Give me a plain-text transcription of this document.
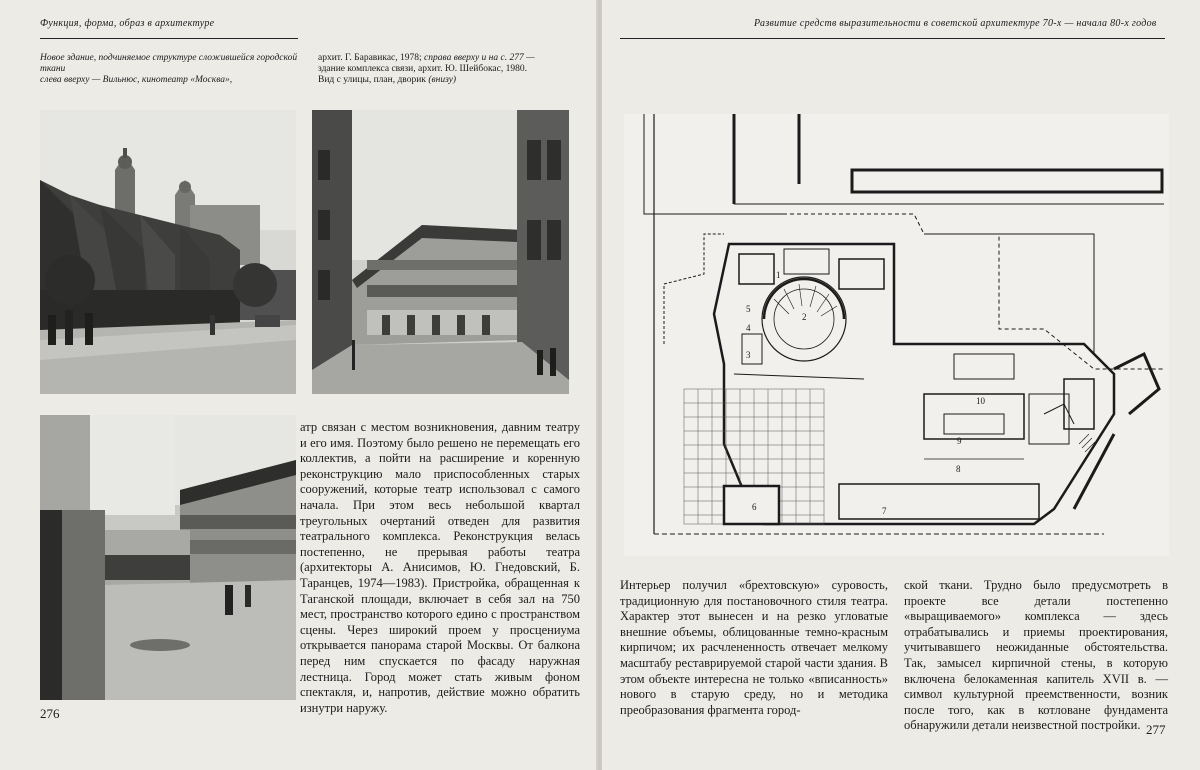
Функция, форма, образ в архитектуре
Новое здание, подчиняемое структуре сложившейся городской ткани
слева вверху — Вильнюс, кинотеатр «Москва»,
архит. Г. Баравикас, 1978; справа вверху и на с. 277 —
здание комплекса связи, архит. Ю. Шейбокас, 1980.
Вид с улицы, план, дворик (внизу)
атр связан с местом возникновения, давним театру и его имя. Поэтому было решено не перемещать его коллектив, а пойти на расширение и коренную реконструкцию мало приспособленных старых сооружений, которые театр использовал с самого начала. При этом весь небольшой квартал треугольных очертаний отведен для развития театрального комплекса. Реконструкция велась постепенно, не прерывая работы театра (архитекторы А. Анисимов, Ю. Гнедовский, Б. Таранцев, 1974—1983). Пристройка, обращенная к Таганской площади, включает в себя зал на 750 мест, пространство которого едино с пространством сцены. Через широкий проем у просцениума открывается панорама старой Москвы. От балкона перед ним спускается по фасаду наружная лестница. Город может стать живым фоном спектакля, и, напротив, действие можно обратить изнутри наружу.
276
Развитие средств выразительности в советской архитектуре 70-х — начала 80-х годов
1
2
3
4
5
6	7
8
9
10
Интерьер получил «брехтовскую» суровость, традиционную для постановочного стиля театра. Характер этот вынесен и на резко угловатые внешние объемы, облицованные темно-красным кирпичом; их расчлененность отвечает мелкому масштабу реставрируемой старой части здания. В этом объекте интересна не только «вписанность» нового в старую среду, но и методика преобразования фрагмента город-
ской ткани. Трудно было предусмотреть в проекте все детали постепенно «выращиваемого» комплекса — здесь отрабатывались и приемы проектирования, учитывавшего неожиданные обстоятельства. Так, замысел кирпичной стены, в которую включена белокаменная капитель XVII в. — символ культурной преемственности, возник после того, как в котловане фундамента обнаружили детали неизвестной постройки. 277
